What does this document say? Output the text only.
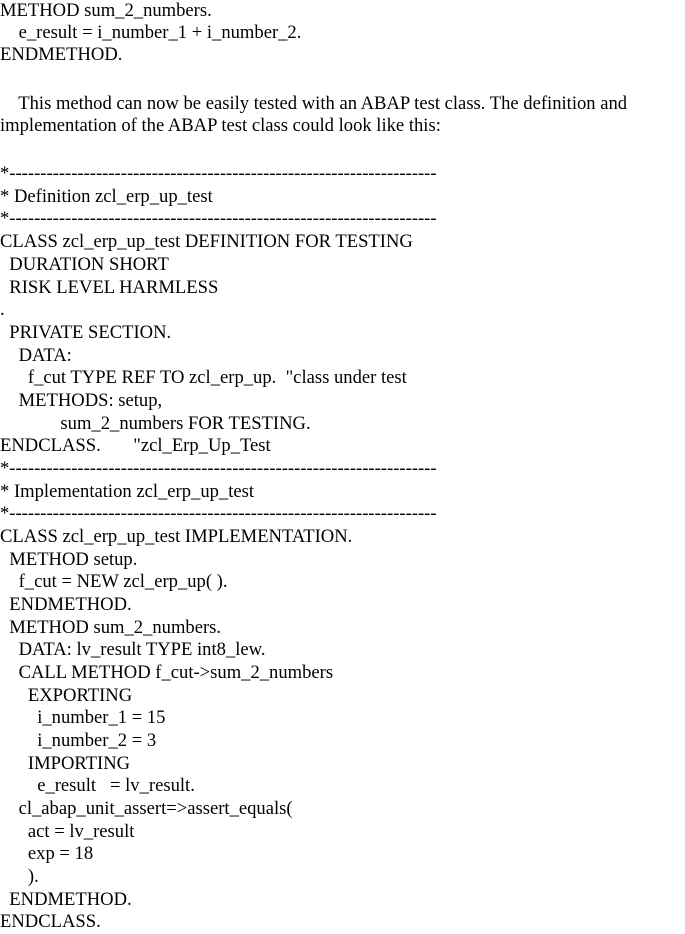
METHOD sum_2_numbers.
e_result = i_number_1 + i_number_2.
ENDMETHOD.
This method can now be easily tested with an ABAP test class. The definition and
implementation of the ABAP test class could look like this:
*---------------------------------------------------------------------
* Definition zcl_erp_up_test
*---------------------------------------------------------------------
CLASS zcl_erp_up_test DEFINITION FOR TESTING
DURATION SHORT
RISK LEVEL HARMLESS
.
PRIVATE SECTION.
DATA:
f_cut TYPE REF TO zcl_erp_up.  "class under test
METHODS: setup,
sum_2_numbers FOR TESTING.
ENDCLASS.       "zcl_Erp_Up_Test
*---------------------------------------------------------------------
* Implementation zcl_erp_up_test
*---------------------------------------------------------------------
CLASS zcl_erp_up_test IMPLEMENTATION.
METHOD setup.
f_cut = NEW zcl_erp_up( ).
ENDMETHOD.
METHOD sum_2_numbers.
DATA: lv_result TYPE int8_lew.
CALL METHOD f_cut->sum_2_numbers
EXPORTING
i_number_1 = 15
i_number_2 = 3
IMPORTING
e_result   = lv_result.
cl_abap_unit_assert=>assert_equals(
act = lv_result
exp = 18
).
ENDMETHOD.
ENDCLASS.
